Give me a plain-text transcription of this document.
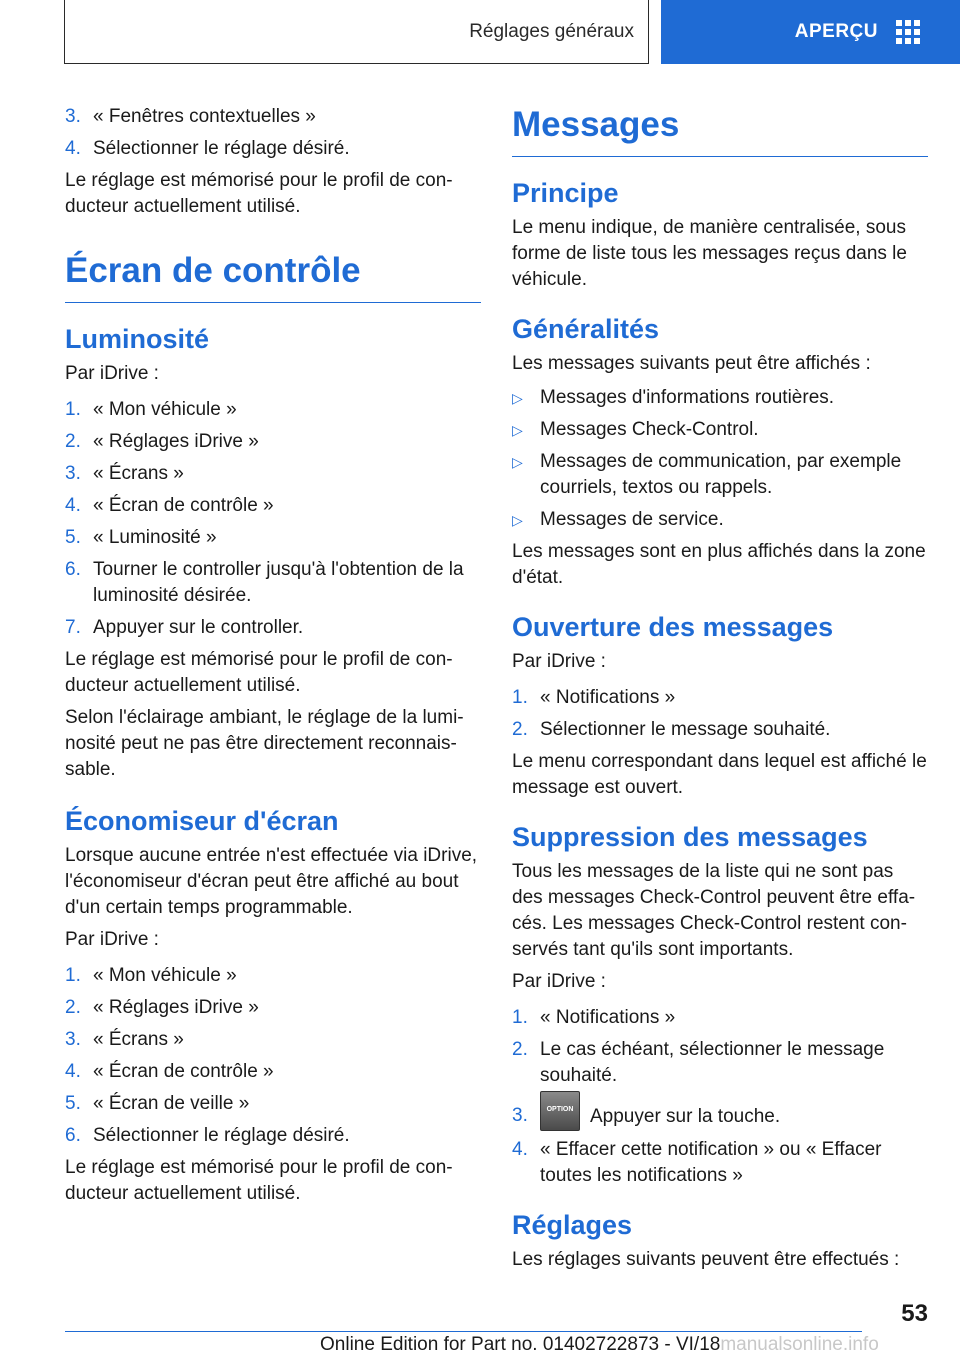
Réglages généraux	APERÇU
3. « Fenêtres contextuelles »
4. Sélectionner le réglage désiré.

Le réglage est mémorisé pour le profil de con-ducteur actuellement utilisé.

Écran de contrôle
Luminosité

Par iDrive :

1. « Mon véhicule »
2. « Réglages iDrive »
3. « Écrans »
4. « Écran de contrôle »
5. « Luminosité »
6. Tourner le controller jusqu'à l'obtention de la luminosité désirée.
7. Appuyer sur le controller.

Le réglage est mémorisé pour le profil de con-ducteur actuellement utilisé.

Selon l'éclairage ambiant, le réglage de la lumi-nosité peut ne pas être directement reconnais-sable.

Économiseur d'écran

Lorsque aucune entrée n'est effectuée via iDrive, l'économiseur d'écran peut être affiché au bout d'un certain temps programmable.

Par iDrive :

1. « Mon véhicule »
2. « Réglages iDrive »
3. « Écrans »
4. « Écran de contrôle »
5. « Écran de veille »
6. Sélectionner le réglage désiré.

Le réglage est mémorisé pour le profil de con-ducteur actuellement utilisé.

Messages
Principe

Le menu indique, de manière centralisée, sous forme de liste tous les messages reçus dans le véhicule.

Généralités

Les messages suivants peut être affichés :

▷ Messages d'informations routières.
▷ Messages Check-Control.
▷ Messages de communication, par exemple courriels, textos ou rappels.
▷ Messages de service.

Les messages sont en plus affichés dans la zone d'état.

Ouverture des messages

Par iDrive :

1. « Notifications »
2. Sélectionner le message souhaité.

Le menu correspondant dans lequel est affiché le message est ouvert.

Suppression des messages

Tous les messages de la liste qui ne sont pas des messages Check-Control peuvent être effa-cés. Les messages Check-Control restent con-servés tant qu'ils sont importants.

Par iDrive :

1. « Notifications »
2. Le cas échéant, sélectionner le message souhaité.
3.	OPTION Appuyer sur la touche.
4. « Effacer cette notification » ou « Effacer toutes les notifications »
Réglages

Les réglages suivants peuvent être effectués :

53
Online Edition for Part no. 01402722873 - VI/18manualsonline.info
